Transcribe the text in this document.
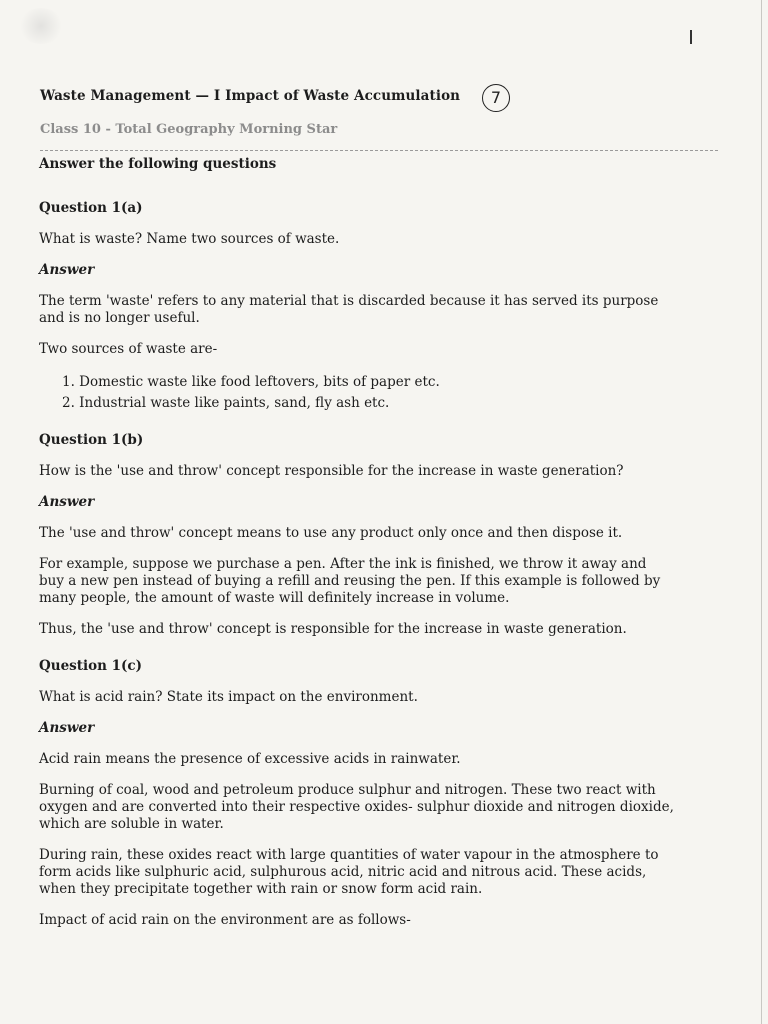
Waste Management — I Impact of Waste Accumulation	7
Class 10 - Total Geography Morning Star
Answer the following questions
Question 1(a)
What is waste? Name two sources of waste.
Answer
The term 'waste' refers to any material that is discarded because it has served its purpose
and is no longer useful.
Two sources of waste are-
1. Domestic waste like food leftovers, bits of paper etc.
2. Industrial waste like paints, sand, fly ash etc.
Question 1(b)
How is the 'use and throw' concept responsible for the increase in waste generation?
Answer
The 'use and throw' concept means to use any product only once and then dispose it.
For example, suppose we purchase a pen. After the ink is finished, we throw it away and
buy a new pen instead of buying a refill and reusing the pen. If this example is followed by
many people, the amount of waste will definitely increase in volume.
Thus, the 'use and throw' concept is responsible for the increase in waste generation.
Question 1(c)
What is acid rain? State its impact on the environment.
Answer
Acid rain means the presence of excessive acids in rainwater.
Burning of coal, wood and petroleum produce sulphur and nitrogen. These two react with
oxygen and are converted into their respective oxides- sulphur dioxide and nitrogen dioxide,
which are soluble in water.
During rain, these oxides react with large quantities of water vapour in the atmosphere to
form acids like sulphuric acid, sulphurous acid, nitric acid and nitrous acid. These acids,
when they precipitate together with rain or snow form acid rain.
Impact of acid rain on the environment are as follows-
